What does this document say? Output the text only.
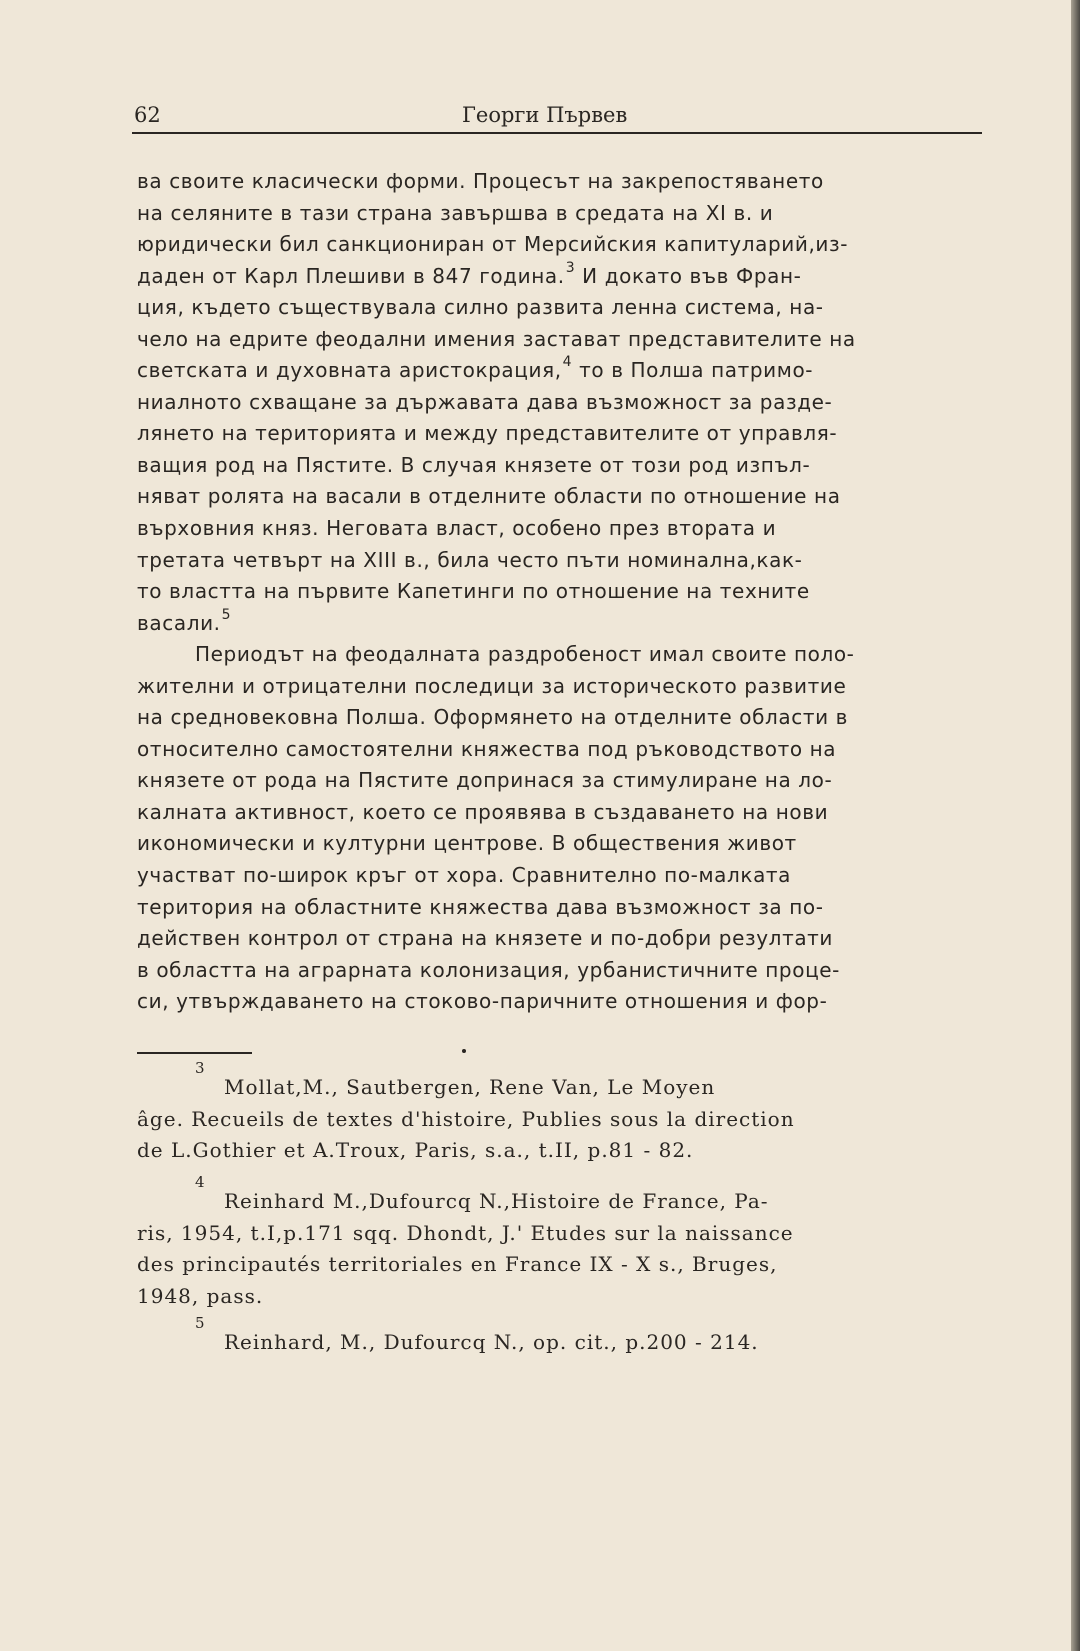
62	Георги Първев
ва своите класически форми. Процесът на закрепостяването
на селяните в тази страна завършва в средата на XI в. и
юридически бил санкциониран от Мерсийския капитуларий,из-
даден от Карл Плешиви в 847 година.$^3$ И докато във Фран-
ция, където съществувала силно развита ленна система, на-
чело на едрите феодални имения застават представителите на
светската и духовната аристокрация,$^4$ то в Полша патримо-
ниалното схващане за държавата дава възможност за разде-
лянето на територията и между представителите от управля-
ващия род на Пястите. В случая князете от този род изпъл-
няват ролята на васали в отделните области по отношение на
върховния княз. Неговата власт, особено през втората и
третата четвърт на XIII в., била често пъти номинална,как-
то властта на първите Капетинги по отношение на техните
васали.$^5$
Периодът на феодалната раздробеност имал своите поло-
жителни и отрицателни последици за историческото развитие
на средновековна Полша. Оформянето на отделните области в
относително самостоятелни княжества под ръководството на
князете от рода на Пястите допринася за стимулиране на ло-
калната активност, което се проявява в създаването на нови
икономически и културни центрове. В обществения живот
участват по-широк кръг от хора. Сравнително по-малката
територия на областните княжества дава възможност за по-
действен контрол от страна на князете и по-добри резултати
в областта на аграрната колонизация, урбанистичните проце-
си, утвърждаването на стоково-паричните отношения и фор-
3
Mollat,M., Sautbergen, Rene Van, Le Moyen
âge. Recueils de textes d'histoire, Publies sous la direction
de L.Gothier et A.Troux, Paris, s.a., t.II, p.81 - 82.
4
Reinhard M.,Dufourcq N.,Histoire de France, Pa-
ris, 1954, t.I,p.171 sqq. Dhondt, J.' Etudes sur la naissance
des principautés territoriales en France IX - X s., Bruges,
1948, pass.
5
Reinhard, M., Dufourcq N., op. cit., p.200 - 214.
